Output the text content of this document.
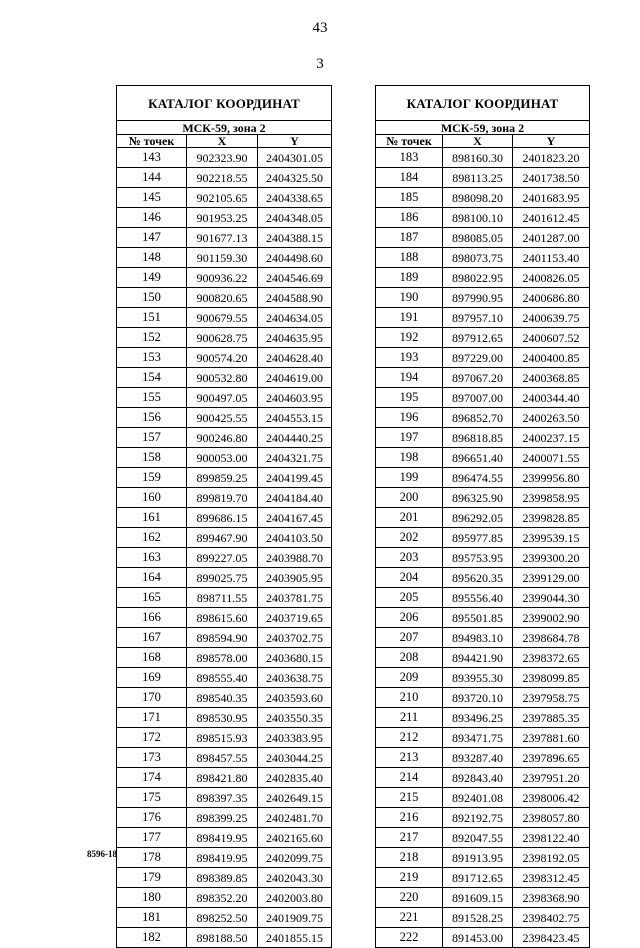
43
3
КАТАЛОГ КООРДИНАТ		
МСК-59, зона 2		
№ точек	X	Y
143	902323.90	2404301.05
144	902218.55	2404325.50
145	902105.65	2404338.65
146	901953.25	2404348.05
147	901677.13	2404388.15
148	901159.30	2404498.60
149	900936.22	2404546.69
150	900820.65	2404588.90
151	900679.55	2404634.05
152	900628.75	2404635.95
153	900574.20	2404628.40
154	900532.80	2404619.00
155	900497.05	2404603.95
156	900425.55	2404553.15
157	900246.80	2404440.25
158	900053.00	2404321.75
159	899859.25	2404199.45
160	899819.70	2404184.40
161	899686.15	2404167.45
162	899467.90	2404103.50
163	899227.05	2403988.70
164	899025.75	2403905.95
165	898711.55	2403781.75
166	898615.60	2403719.65
167	898594.90	2403702.75
168	898578.00	2403680.15
169	898555.40	2403638.75
170	898540.35	2403593.60
171	898530.95	2403550.35
172	898515.93	2403383.95
173	898457.55	2403044.25
174	898421.80	2402835.40
175	898397.35	2402649.15
176	898399.25	2402481.70
177	898419.95	2402165.60
178	898419.95	2402099.75
179	898389.85	2402043.30
180	898352.20	2402003.80
181	898252.50	2401909.75
182	898188.50	2401855.15
КАТАЛОГ КООРДИНАТ		
МСК-59, зона 2		
№ точек	X	Y
183	898160.30	2401823.20
184	898113.25	2401738.50
185	898098.20	2401683.95
186	898100.10	2401612.45
187	898085.05	2401287.00
188	898073.75	2401153.40
189	898022.95	2400826.05
190	897990.95	2400686.80
191	897957.10	2400639.75
192	897912.65	2400607.52
193	897229.00	2400400.85
194	897067.20	2400368.85
195	897007.00	2400344.40
196	896852.70	2400263.50
197	896818.85	2400237.15
198	896651.40	2400071.55
199	896474.55	2399956.80
200	896325.90	2399858.95
201	896292.05	2399828.85
202	895977.85	2399539.15
203	895753.95	2399300.20
204	895620.35	2399129.00
205	895556.40	2399044.30
206	895501.85	2399002.90
207	894983.10	2398684.78
208	894421.90	2398372.65
209	893955.30	2398099.85
210	893720.10	2397958.75
211	893496.25	2397885.35
212	893471.75	2397881.60
213	893287.40	2397896.65
214	892843.40	2397951.20
215	892401.08	2398006.42
216	892192.75	2398057.80
217	892047.55	2398122.40
218	891913.95	2398192.05
219	891712.65	2398312.45
220	891609.15	2398368.90
221	891528.25	2398402.75
222	891453.00	2398423.45
8596-18
